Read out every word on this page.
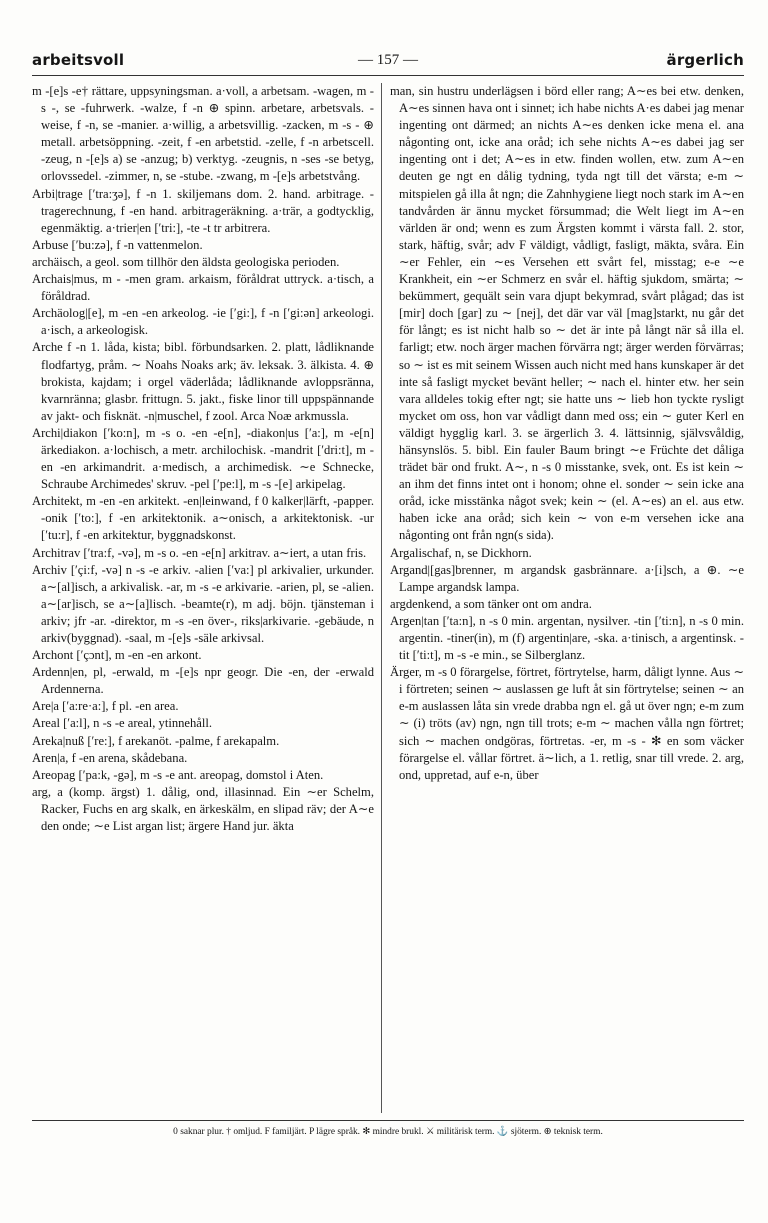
arbeitsvoll	— 157 —	ärgerlich

m -[e]s -e† rättare, uppsyningsman. a·voll, a arbetsam. -wagen, m -s -, se -fuhrwerk. -walze, f -n ⊕ spinn. arbetare, arbetsvals. -weise, f -n, se -manier. a·willig, a arbetsvillig. -zacken, m -s - ⊕ metall. arbetsöppning. -zeit, f -en arbetstid. -zelle, f -n arbetscell. -zeug, n -[e]s a) se -anzug; b) verktyg. -zeugnis, n -ses -se betyg, orlovssedel. -zimmer, n, se -stube. -zwang, m -[e]s arbetstvång.

Arbi|trage [′tra:ʒə], f -n 1. skiljemans dom. 2. hand. arbitrage. -tragerechnung, f -en hand. arbitrageräkning. a·trär, a godtycklig, egenmäktig. a·trier|en [′tri:], -te -t tr arbitrera.

Arbuse [′bu:zə], f -n vattenmelon.

archäisch, a geol. som tillhör den äldsta geologiska perioden.

Archais|mus, m - -men gram. arkaism, föråldrat uttryck. a·tisch, a föråldrad.

Archäolog|[e], m -en -en arkeolog. -ie [′gi:], f -n [′gi:ən] arkeologi. a·isch, a arkeologisk.

Arche f -n 1. låda, kista; bibl. förbundsarken. 2. platt, lådliknande flodfartyg, pråm. ∼ Noahs Noaks ark; äv. leksak. 3. älkista. 4. ⊕ brokista, kajdam; i orgel väderlåda; lådliknande avloppsränna, kvarnränna; glasbr. frittugn. 5. jakt., fiske linor till uppspännande av jakt- och fisknät. -n|muschel, f zool. Arca Noæ arkmussla.

Archi|diakon [′ko:n], m -s o. -en -e[n], -diakon|us [′a:], m -e[n] ärkediakon. a·lochisch, a metr. archilochisk. -mandrit [′dri:t], m -en -en arkimandrit. a·medisch, a archimedisk. ∼e Schnecke, Schraube Archimedes' skruv. -pel [′pe:l], m -s -[e] arkipelag.

Architekt, m -en -en arkitekt. -en|leinwand, f 0 kalker|lärft, -papper. -onik [′to:], f -en arkitektonik. a∼onisch, a arkitektonisk. -ur [′tu:r], f -en arkitektur, byggnadskonst.

Architrav [′tra:f, -və], m -s o. -en -e[n] arkitrav. a∼iert, a utan fris.

Archiv [′çi:f, -və] n -s -e arkiv. -alien [′va:] pl arkivalier, urkunder. a∼[al]isch, a arkivalisk. -ar, m -s -e arkivarie. -arien, pl, se -alien. a∼[ar]isch, se a∼[a]lisch. -beamte(r), m adj. böjn. tjänsteman i arkiv; jfr -ar. -direktor, m -s -en över-, riks|arkivarie. -gebäude, n arkiv(byggnad). -saal, m -[e]s -säle arkivsal.

Archont [′çɔnt], m -en -en arkont.

Ardenn|en, pl, -erwald, m -[e]s npr geogr. Die -en, der -erwald Ardennerna.

Are|a [′a:re·a:], f pl. -en area.

Areal [′a:l], n -s -e areal, ytinnehåll.

Areka|nuß [′re:], f arekanöt. -palme, f arekapalm.

Aren|a, f -en arena, skådebana.

Areopag [′pa:k, -gə], m -s -e ant. areopag, domstol i Aten.

arg, a (komp. ärgst) 1. dålig, ond, illasinnad. Ein ∼er Schelm, Racker, Fuchs en arg skalk, en ärkeskälm, en slipad räv; der A∼e den onde; ∼e List argan list; ärgere Hand jur. äkta

man, sin hustru underlägsen i börd eller rang; A∼es bei etw. denken, A∼es sinnen hava ont i sinnet; ich habe nichts A·es dabei jag menar ingenting ont därmed; an nichts A∼es denken icke mena el. ana någonting ont, icke ana oråd; ich sehe nichts A∼es dabei jag ser ingenting ont i det; A∼es in etw. finden wollen, etw. zum A∼en deuten ge ngt en dålig tydning, tyda ngt till det värsta; e-m ∼ mitspielen gå illa åt ngn; die Zahnhygiene liegt noch stark im A∼en tandvården är ännu mycket försummad; die Welt liegt im A∼en världen är ond; wenn es zum Ärgsten kommt i värsta fall. 2. stor, stark, häftig, svår; adv F väldigt, vådligt, fasligt, mäkta, svåra. Ein ∼er Fehler, ein ∼es Versehen ett svårt fel, misstag; e-e ∼e Krankheit, ein ∼er Schmerz en svår el. häftig sjukdom, smärta; ∼ bekümmert, gequält sein vara djupt bekymrad, svårt plågad; das ist [mir] doch [gar] zu ∼ [nej], det där var väl [mag]starkt, nu går det för långt; es ist nicht halb so ∼ det är inte på långt när så illa el. farligt; etw. noch ärger machen förvärra ngt; ärger werden förvärras; so ∼ ist es mit seinem Wissen auch nicht med hans kunskaper är det inte så fasligt mycket bevänt heller; ∼ nach el. hinter etw. her sein vara alldeles tokig efter ngt; sie hatte uns ∼ lieb hon tyckte rysligt mycket om oss, hon var vådligt dann med oss; ein ∼ guter Kerl en väldigt hygglig karl. 3. se ärgerlich 3. 4. lättsinnig, självsvåldig, hänsynslös. 5. bibl. Ein fauler Baum bringt ∼e Früchte det dåliga trädet bär ond frukt. A∼, n -s 0 misstanke, svek, ont. Es ist kein ∼ an ihm det finns intet ont i honom; ohne el. sonder ∼ sein icke ana oråd, icke misstänka något svek; kein ∼ (el. A∼es) an el. aus etw. haben icke ana oråd; sich kein ∼ von e-m versehen icke ana någonting ont från ngn(s sida).

Argalischaf, n, se Dickhorn.

Argand|[gas]brenner, m argandsk gasbrännare. a·[i]sch, a ⊕. ∼e Lampe argandsk lampa.

argdenkend, a som tänker ont om andra.

Argen|tan [′ta:n], n -s 0 min. argentan, nysilver. -tin [′ti:n], n -s 0 min. argentin. -tiner(in), m (f) argentin|are, -ska. a·tinisch, a argentinsk. -tit [′ti:t], m -s -e min., se Silberglanz.

Ärger, m -s 0 förargelse, förtret, förtrytelse, harm, dåligt lynne. Aus ∼ i förtreten; seinen ∼ auslassen ge luft åt sin förtrytelse; seinen ∼ an e-m auslassen låta sin vrede drabba ngn el. gå ut över ngn; e-m zum ∼ (i) tröts (av) ngn, ngn till trots; e-m ∼ machen vålla ngn förtret; sich ∼ machen ondgöras, förtretas. -er, m -s - ✻ en som väcker förargelse el. vållar förtret. ä∼lich, a 1. retlig, snar till vrede. 2. arg, ond, uppretad, auf e-n, über

0 saknar plur. † omljud. F familjärt. P lägre språk. ✻ mindre brukl. ⚔ militärisk term. ⚓ sjöterm. ⊕ teknisk term.
